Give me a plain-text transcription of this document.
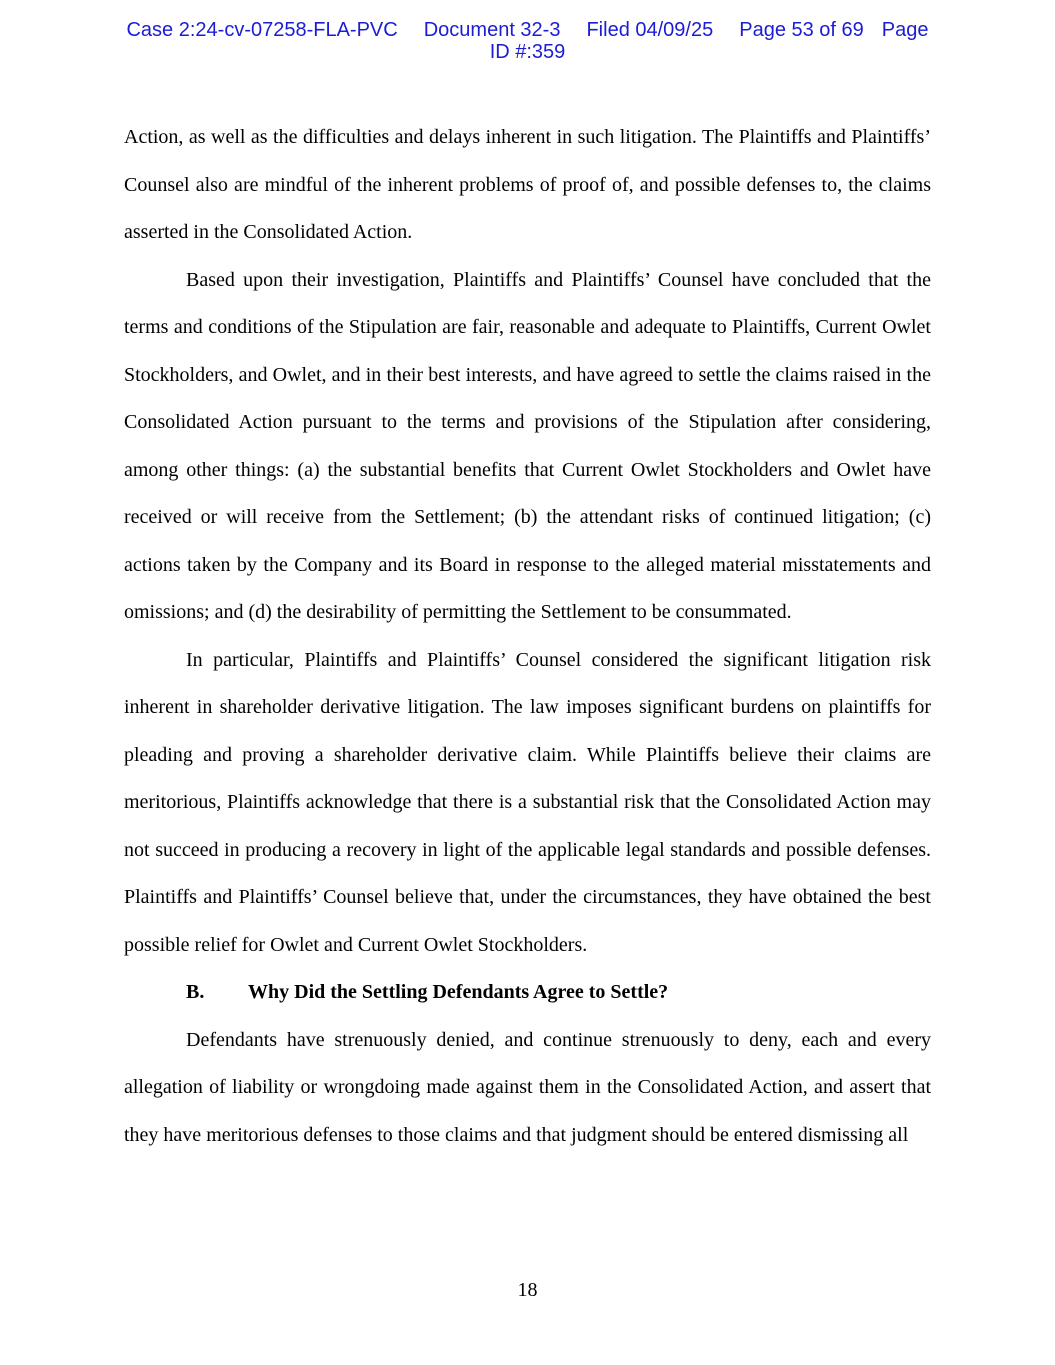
Case 2:24-cv-07258-FLA-PVC Document 32-3 Filed 04/09/25 Page 53 of 69 Page
ID #:359

Action, as well as the difficulties and delays inherent in such litigation. The Plaintiffs and Plaintiffs’ Counsel also are mindful of the inherent problems of proof of, and possible defenses to, the claims asserted in the Consolidated Action.

Based upon their investigation, Plaintiffs and Plaintiffs’ Counsel have concluded that the terms and conditions of the Stipulation are fair, reasonable and adequate to Plaintiffs, Current Owlet Stockholders, and Owlet, and in their best interests, and have agreed to settle the claims raised in the Consolidated Action pursuant to the terms and provisions of the Stipulation after considering, among other things: (a) the substantial benefits that Current Owlet Stockholders and Owlet have received or will receive from the Settlement; (b) the attendant risks of continued litigation; (c) actions taken by the Company and its Board in response to the alleged material misstatements and omissions; and (d) the desirability of permitting the Settlement to be consummated.

In particular, Plaintiffs and Plaintiffs’ Counsel considered the significant litigation risk inherent in shareholder derivative litigation. The law imposes significant burdens on plaintiffs for pleading and proving a shareholder derivative claim. While Plaintiffs believe their claims are meritorious, Plaintiffs acknowledge that there is a substantial risk that the Consolidated Action may not succeed in producing a recovery in light of the applicable legal standards and possible defenses. Plaintiffs and Plaintiffs’ Counsel believe that, under the circumstances, they have obtained the best possible relief for Owlet and Current Owlet Stockholders.

B. Why Did the Settling Defendants Agree to Settle?

Defendants have strenuously denied, and continue strenuously to deny, each and every allegation of liability or wrongdoing made against them in the Consolidated Action, and assert that they have meritorious defenses to those claims and that judgment should be entered dismissing all

18
